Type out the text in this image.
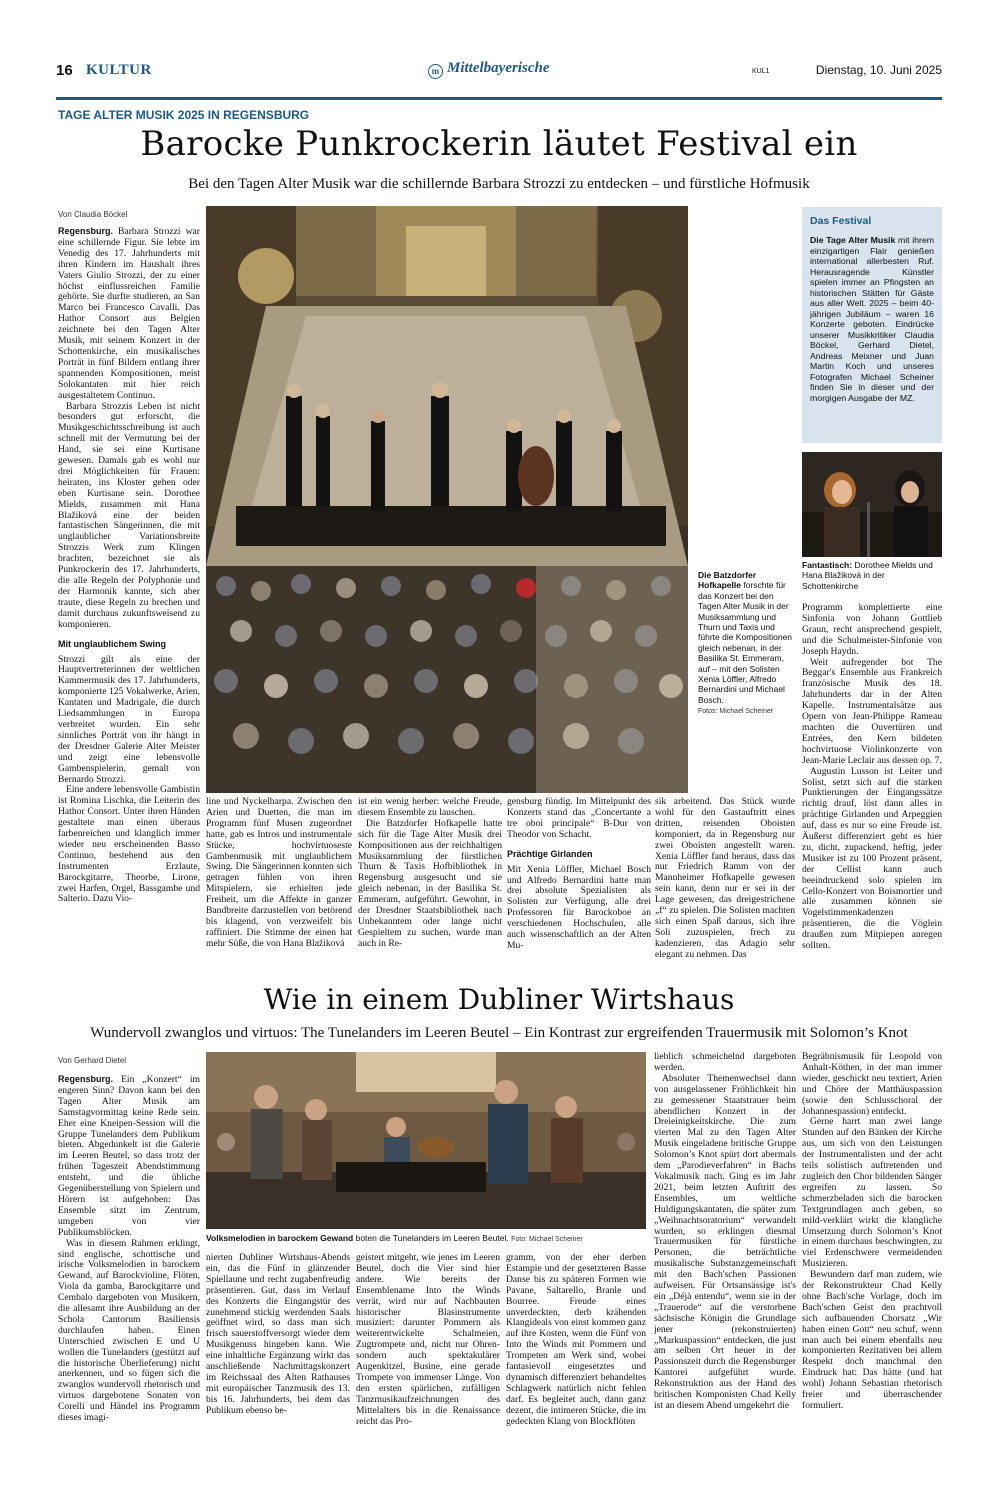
16 KULTUR	m Mittelbayerische	KUL1	Dienstag, 10. Juni 2025
TAGE ALTER MUSIK 2025 IN REGENSBURG
Barocke Punkrockerin läutet Festival ein
Bei den Tagen Alter Musik war die schillernde Barbara Strozzi zu entdecken – und fürstliche Hofmusik
Von Claudia Böckel

Regensburg. Barbara Strozzi war eine schillernde Figur. Sie lebte im Venedig des 17. Jahrhunderts mit ihren Kindern im Haushalt ihres Vaters Giulio Strozzi, der zu einer höchst einflussreichen Familie gehörte. Sie durfte studieren, an San Marco bei Francesco Cavalli. Das Hathor Consort aus Belgien zeichnete bei den Tagen Alter Musik, mit seinem Konzert in der Schottenkirche, ein musikalisches Porträt in fünf Bildern entlang ihrer spannenden Kompositionen, meist Solokantaten mit hier reich ausgestaltetem Continuo.

Barbara Strozzis Leben ist nicht besonders gut erforscht, die Musikgeschichtsschreibung ist auch schnell mit der Vermutung bei der Hand, sie sei eine Kurtisane gewesen. Damals gab es wohl nur drei Möglichkeiten für Frauen: heiraten, ins Kloster gehen oder eben Kurtisane sein. Dorothee Mields, zusammen mit Hana Blažiková eine der beiden fantastischen Sängerinnen, die mit unglaublicher Variationsbreite Strozzis Werk zum Klingen brachten, bezeichnet sie als Punkrockerin des 17. Jahrhunderts, die alle Regeln der Polyphonie und der Harmonik kannte, sich aber traute, diese Regeln zu brechen und damit durchaus zukunftsweisend zu komponieren.

Mit unglaublichem Swing

Strozzi gilt als eine der Hauptvertreterinnen der weltlichen Kammermusik des 17. Jahrhunderts, komponierte 125 Vokalwerke, Arien, Kantaten und Madrigale, die durch Liedsammlungen in Europa verbreitet wurden. Ein sehr sinnliches Porträt von ihr hängt in der Dresdner Galerie Alter Meister und zeigt eine lebensvolle Gambenspielerin, gemalt von Bernardo Strozzi.

Eine andere lebensvolle Gambistin ist Romina Lischka, die Leiterin des Hathor Consort. Unter ihren Händen gestaltete man einen überaus farbenreichen und klanglich immer wieder neu erscheinenden Basso Continuo, bestehend aus den Instrumenten Erzlaute, Barockgitarre, Theorbe, Lirone, zwei Harfen, Orgel, Bassgambe und Salterio. Dazu Vio-

Die Batzdorfer Hofkapelle forschte für das Konzert bei den Tagen Alter Musik in der Musiksammlung und Thurn und Taxis und führte die Kompositionen gleich nebenan, in der Basilika St. Emmeram, auf – mit den Solisten Xenia Löffler, Alfredo Bernardini und Michael Bosch.
Fotos: Michael Scheiner

line und Nyckelharpa. Zwischen den Arien und Duetten, die man im Programm fünf Musen zugeordnet hatte, gab es Intros und instrumentale Stücke, hochvirtuoseste Gambenmusik mit unglaublichem Swing. Die Sängerinnen konnten sich getragen fühlen von ihren Mitspielern, sie erhielten jede Freiheit, um die Affekte in ganzer Bandbreite darzustellen von betörend bis klagend, von verzweifelt bis raffiniert. Die Stimme der einen hat mehr Süße, die von Hana Blažiková

ist ein wenig herber: welche Freude, diesem Ensemble zu lauschen.

Die Batzdorfer Hofkapelle hatte sich für die Tage Alter Musik drei Kompositionen aus der reichhaltigen Musiksammlung der fürstlichen Thurn & Taxis Hofbibliothek in Regensburg ausgesucht und sie gleich nebenan, in der Basilika St. Emmeram, aufgeführt. Gewohnt, in der Dresdner Staatsbibliothek nach Unbekanntem oder lange nicht Gespieltem zu suchen, wurde man auch in Re-

gensburg fündig. Im Mittelpunkt des Konzerts stand das „Concertante a tre oboi principale“ B-Dur von Theodor von Schacht.

Prächtige Girlanden

Mit Xenia Löffler, Michael Bosch und Alfredo Bernardini hatte man drei absolute Spezialisten als Solisten zur Verfügung, alle drei Professoren für Barockoboe an verschiedenen Hochschulen, alle auch wissenschaftlich an der Alten Mu-

sik arbeitend. Das Stück wurde wohl für den Gastauftritt eines dritten, reisenden Oboisten komponiert, da in Regensburg nur zwei Oboisten angestellt waren. Xenia Löffler fand heraus, dass das nur Friedrich Ramm von der Mannheimer Hofkapelle gewesen sein kann, denn nur er sei in der Lage gewesen, das dreigestrichene „f“ zu spielen. Die Solisten machten sich einen Spaß daraus, sich ihre Soli zuzuspielen, frech zu kadenzieren, das Adagio sehr elegant zu nehmen. Das

Das Festival
Die Tage Alter Musik mit ihrem einzigartigen Flair genießen international allerbesten Ruf. Herausragende Künstler spielen immer an Pfingsten an historischen Stätten für Gäste aus aller Welt. 2025 – beim 40-jährigen Jubiläum – waren 16 Konzerte geboten. Eindrücke unserer Musikkritiker Claudia Böckel, Gerhard Dietel, Andreas Meixner und Juan Martin Koch und unseres Fotografen Michael Scheiner finden Sie in dieser und der morgigen Ausgabe der MZ.
Fantastisch: Dorothee Mields und Hana Blažiková in der Schottenkirche

Programm komplettierte eine Sinfonia von Johann Gottlieb Graun, recht ansprechend gespielt, und die Schulmeister-Sinfonie von Joseph Haydn.

Weit aufregender bot The Beggar's Ensemble aus Frankreich französische Musik des 18. Jahrhunderts dar in der Alten Kapelle. Instrumentalsätze aus Opern von Jean-Philippe Rameau machten die Ouvertüren und Entrées, den Kern bildeten hochvirtuose Violinkonzerte von Jean-Marie Leclair aus dessen op. 7.

Augustin Lusson ist Leiter und Solist, setzt sich auf die starken Punktierungen der Eingangssätze richtig drauf, löst dann alles in prächtige Girlanden und Arpeggien auf, dass es nur so eine Freude ist. Äußerst differenziert geht es hier zu, dicht, zupackend, heftig, jeder Musiker ist zu 100 Prozent präsent, der Cellist kann auch beeindruckend solo spielen im Cello-Konzert von Boismortier und alle zusammen können sie Vogelstimmenkadenzen präsentieren, die die Vöglein draußen zum Mitpiepen anregen sollten.

Wie in einem Dubliner Wirtshaus
Wundervoll zwanglos und virtuos: The Tunelanders im Leeren Beutel – Ein Kontrast zur ergreifenden Trauermusik mit Solomon’s Knot
Von Gerhard Dietel

Regensburg. Ein „Konzert“ im engeren Sinn? Davon kann bei den Tagen Alter Musik am Samstagvormittag keine Rede sein. Eher eine Kneipen-Session will die Gruppe Tunelanders dem Publikum bieten. Abgedunkelt ist die Galerie im Leeren Beutel, so dass trotz der frühen Tageszeit Abendstimmung entsteht, und die übliche Gegenüberstellung von Spielern und Hörern ist aufgehoben: Das Ensemble sitzt im Zentrum, umgeben von vier Publikumsblöcken.

Was in diesem Rahmen erklingt, sind englische, schottische und irische Volksmelodien in barockem Gewand, auf Barockvioline, Flöten, Viola da gamba, Barockgitarre und Cembalo dargeboten von Musikern, die allesamt ihre Ausbildung an der Schola Cantorum Basiliensis durchlaufen haben. Einen Unterschied zwischen E und U wollen die Tunelanders (gestützt auf die historische Überlieferung) nicht anerkennen, und so fügen sich die zwanglos wundervoll rhetorisch und virtuos dargebotene Sonaten von Corelli und Händel ins Programm dieses imagi-

Volksmelodien in barockem Gewand boten die Tunelanders im Leeren Beutel. Foto: Michael Scheiner

nierten Dubliner Wirtshaus-Abends ein, das die Fünf in glänzender Spiellaune und recht zugabenfreudig präsentieren. Gut, dass im Verlauf des Konzerts die Eingangstür des zunehmend stickig werdenden Saals geöffnet wird, so dass man sich frisch sauerstoffversorgt wieder dem Musikgenuss hingeben kann. Wie eine inhaltliche Ergänzung wirkt das anschließende Nachmittagskonzert im Reichssaal des Alten Rathauses mit europäischer Tanzmusik des 13. bis 16. Jahrhunderts, bei dem das Publikum ebenso be-

geistert mitgeht, wie jenes im Leeren Beutel, doch die Vier sind hier andere. Wie bereits der Ensemblename Into the Winds verrät, wird nur auf Nachbauten historischer Blasinstrumente musiziert: darunter Pommern als weiterentwickelte Schalmeien, Zugtrompete und, nicht nur Ohren- sondern auch spektakulärer Augenkitzel, Busine, eine gerade Trompete von immenser Länge. Von den ersten spärlichen, zufälligen Tanzmusikaufzeichnungen des Mittelalters bis in die Renaissance reicht das Pro-

gramm, von der eher derben Estampie und der gesetzteren Basse Danse bis zu späteren Formen wie Pavane, Saltarello, Branle und Bourree. Freude eines unverdeckten, derb krähenden Klangideals von einst kommen ganz auf ihre Kosten, wenn die Fünf von Into the Winds mit Pommern und Trompeten am Werk sind, wobei fantasievoll eingesetztes und dynamisch differenziert behandeltes Schlagwerk natürlich nicht fehlen darf. Es begleitet auch, dann ganz dezent, die intimeren Stücke, die im gedeckten Klang von Blockflöten

lieblich schmeichelnd dargeboten werden.

Absoluter Themenwechsel dann von ausgelassener Fröhlichkeit hin zu gemessener Staatstrauer beim abendlichen Konzert in der Dreieinigkeitskirche. Die zum vierten Mal zu den Tagen Alter Musik eingeladene britische Gruppe Solomon’s Knot spürt dort abermals dem „Parodieverfahren“ in Bachs Vokalmusik nach. Ging es im Jahr 2021, beim letzten Auftritt des Ensembles, um weltliche Huldigungskantaten, die später zum „Weihnachtsoratorium“ verwandelt wurden, so erklingen diesmal Trauermusiken für fürstliche Personen, die beträchtliche musikalische Substanzgemeinschaft mit den Bach'schen Passionen aufweisen. Für Ortsansässige ist's ein „Déjà entendu“, wenn sie in der „Trauerode“ auf die verstorbene sächsische Königin die Grundlage jener (rekonstruierten) „Markuspassion“ entdecken, die just am selben Ort heuer in der Passionszeit durch die Regensburger Kantorei aufgeführt wurde. Rekonstruktion aus der Hand des britischen Komponisten Chad Kelly ist an diesem Abend umgekehrt die

Begräbnismusik für Leopold von Anhalt-Köthen, in der man immer wieder, geschickt neu textiert, Arien und Chöre der Matthäuspassion (sowie den Schlusschoral der Johannespassion) entdeckt.

Gerne harrt man zwei lange Stunden auf den Bänken der Kirche aus, um sich von den Leistungen der Instrumentalisten und der acht teils solistisch auftretenden und zugleich den Chor bildenden Sänger ergreifen zu lassen. So schmerzbeladen sich die barocken Textgrundlagen auch geben, so mild-verklärt wirkt die klangliche Umsetzung durch Solomon’s Knot in einem durchaus beschwingten, zu viel Erdenschwere vermeidenden Musizieren.

Bewundern darf man zudem, wie der Rekonstrukteur Chad Kelly ohne Bach'sche Vorlage, doch im Bach'schen Geist den prachtvoll sich aufbauenden Chorsatz „Wir haben einen Gott“ neu schuf, wenn man auch bei einem ebenfalls neu komponierten Rezitativen bei allem Respekt doch manchmal den Eindruck hat: Das hätte (und hat wohl) Johann Sebastian rhetorisch freier und überraschender formuliert.
